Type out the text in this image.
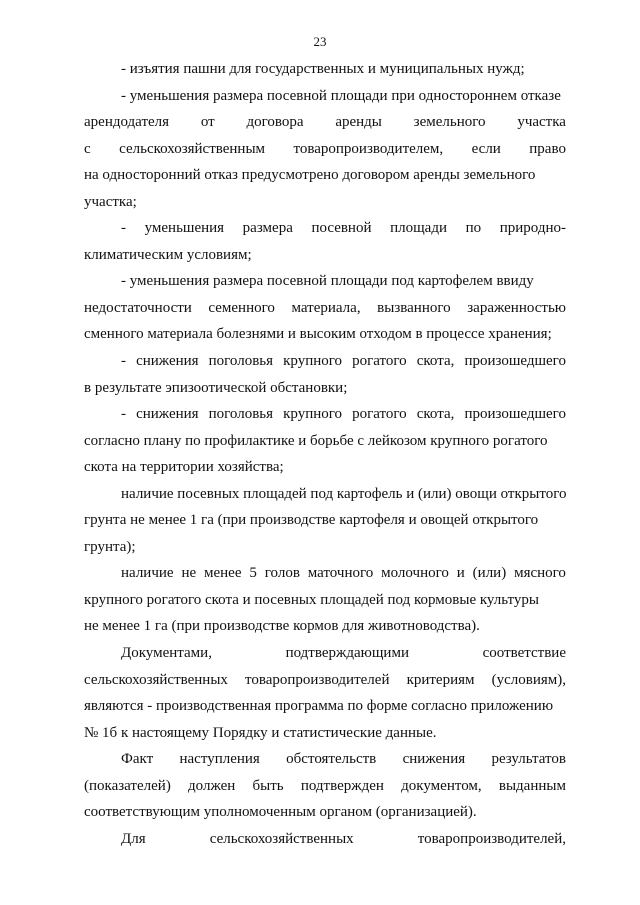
23
- изъятия пашни для государственных и муниципальных нужд;
- уменьшения размера посевной площади при одностороннем отказе
арендодателя от договора аренды земельного участка
с сельскохозяйственным товаропроизводителем, если право
на односторонний отказ предусмотрено договором аренды земельного
участка;
- уменьшения размера посевной площади по природно-
климатическим условиям;
- уменьшения размера посевной площади под картофелем ввиду
недостаточности семенного материала, вызванного зараженностью
сменного материала болезнями и высоким отходом в процессе хранения;
- снижения поголовья крупного рогатого скота, произошедшего
в результате эпизоотической обстановки;
- снижения поголовья крупного рогатого скота, произошедшего
согласно плану по профилактике и борьбе с лейкозом крупного рогатого
скота на территории хозяйства;
наличие посевных площадей под картофель и (или) овощи открытого
грунта не менее 1 га (при производстве картофеля и овощей открытого
грунта);
наличие не менее 5 голов маточного молочного и (или) мясного
крупного рогатого скота и посевных площадей под кормовые культуры
не менее 1 га (при производстве кормов для животноводства).
Документами,	подтверждающими	соответствие
сельскохозяйственных товаропроизводителей критериям (условиям),
являются - производственная программа по форме согласно приложению
№ 1б к настоящему Порядку и статистические данные.
Факт наступления обстоятельств снижения результатов
(показателей) должен быть подтвержден документом, выданным
соответствующим уполномоченным органом (организацией).
Для	сельскохозяйственных	товаропроизводителей,
